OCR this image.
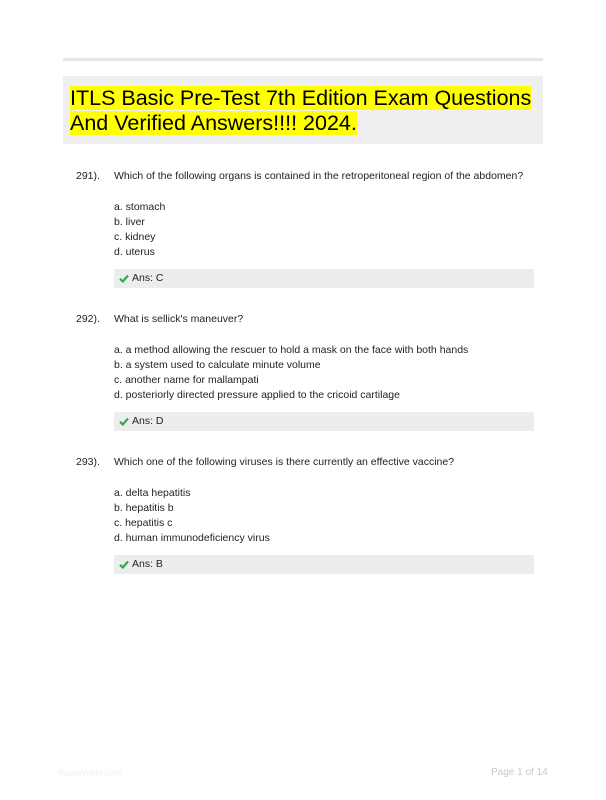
ITLS Basic Pre-Test 7th Edition Exam Questions
And Verified Answers!!!! 2024.
291). Which of the following organs is contained in the retroperitoneal region of the abdomen?
a. stomach
b. liver
c. kidney
d. uterus
Ans: C
292). What is sellick's maneuver?
a. a method allowing the rescuer to hold a mask on the face with both hands
b. a system used to calculate minute volume
c. another name for mallampati
d. posteriorly directed pressure applied to the cricoid cartilage
Ans: D
293). Which one of the following viruses is there currently an effective vaccine?
a. delta hepatitis
b. hepatitis b
c. hepatitis c
d. human immunodeficiency virus
Ans: B
PaperWebr.com	Page 1 of 14
